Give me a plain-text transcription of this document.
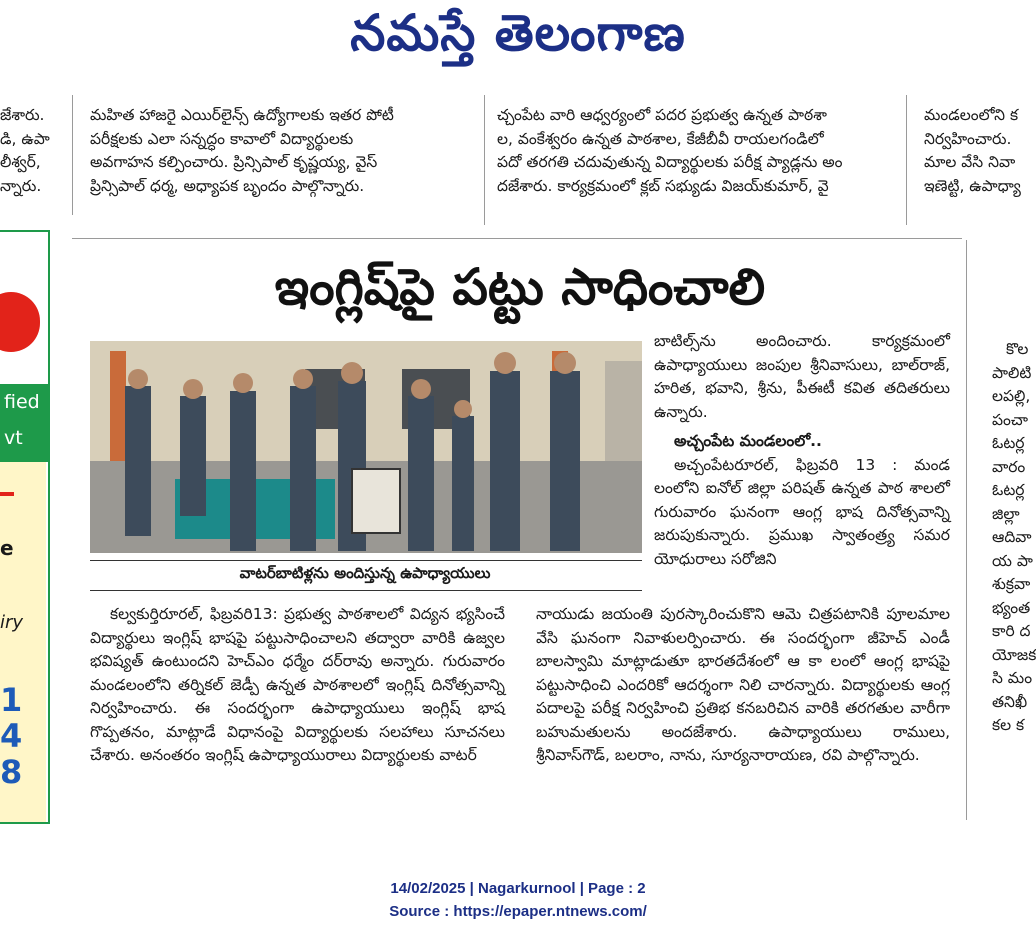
నమస్తే తెలంగాణ
జేశారు.
డి, ఉపా
లీశ్వర్,
న్నారు.

మహిత హాజరై ఎయిర్‌లైన్స్ ఉద్యోగాలకు ఇతర పోటీ

పరీక్షలకు ఎలా సన్నద్ధం కావాలో విద్యార్థులకు

అవగాహన కల్పించారు. ప్రిన్సిపాల్ కృష్ణయ్య, వైస్

ప్రిన్సిపాల్ ధర్మ, అధ్యాపక బృందం పాల్గొన్నారు.

చ్చంపేట వారి ఆధ్వర్యంలో పదర ప్రభుత్వ ఉన్నత పాఠశా

ల, వంకేశ్వరం ఉన్నత పాఠశాల, కేజీబీవీ రాయలగండిలో

పదో తరగతి చదువుతున్న విద్యార్థులకు పరీక్ష ప్యాడ్లను అం

దజేశారు. కార్యక్రమంలో క్లబ్ సభ్యుడు విజయ్‌కుమార్, వై

మండలంలోని క
నిర్వహించారు.
మాల వేసి నివా
ఇణెట్టి, ఉపాధ్యా
fied
vt
e
iry
1
4
8
ఇంగ్లిష్‌పై పట్టు సాధించాలి
వాటర్‌బాటిళ్లను అందిస్తున్న ఉపాధ్యాయులు

బాటిల్స్‌ను అందించారు. కార్యక్రమంలో ఉపాధ్యాయులు జంపుల శ్రీనివాసులు, బాల్‌రాజ్, హరిత, భవాని, శ్రీను, పీఈటీ కవిత తదితరులు ఉన్నారు.

అచ్చంపేట మండలంలో..

అచ్చంపేటరూరల్, ఫిబ్రవరి 13 : మండ లంలోని ఐనోల్ జిల్లా పరిషత్ ఉన్నత పాఠ శాలలో గురువారం ఘనంగా ఆంగ్ల భాష దినోత్సవాన్ని జరుపుకున్నారు. ప్రముఖ స్వాతంత్ర్య సమర యోధురాలు సరోజిని

కల్వకుర్తిరూరల్, ఫిబ్రవరి13: ప్రభుత్వ పాఠశాలలో విద్యన భ్యసించే విద్యార్థులు ఇంగ్లిష్ భాషపై పట్టుసాధించాలని తద్వారా వారికి ఉజ్వల భవిష్యత్ ఉంటుందని హెచ్‌ఎం ధర్మేం దర్‌రావు అన్నారు. గురువారం మండలంలోని తర్నికల్ జెడ్పీ ఉన్నత పాఠశాలలో ఇంగ్లిష్ దినోత్సవాన్ని నిర్వహించారు. ఈ సందర్భంగా ఉపాధ్యాయులు ఇంగ్లిష్ భాష గొప్పతనం, మాట్లాడే విధానంపై విద్యార్థులకు సలహాలు సూచనలు చేశారు. అనంతరం ఇంగ్లిష్ ఉపాధ్యాయురాలు విద్యార్థులకు వాటర్

నాయుడు జయంతి పురస్కారించుకొని ఆమె చిత్రపటానికి పూలమాల వేసి ఘనంగా నివాళులర్పించారు. ఈ సందర్భంగా జీహెచ్ ఎండీ బాలస్వామి మాట్లాడుతూ భారతదేశంలో ఆ కా లంలో ఆంగ్ల భాషపై పట్టుసాధించి ఎందరికో ఆదర్శంగా నిలి చారన్నారు. విద్యార్థులకు ఆంగ్ల పదాలపై పరీక్ష నిర్వహించి ప్రతిభ కనబరిచిన వారికి తరగతుల వారీగా బహుమతులను అందజేశారు. ఉపాధ్యాయులు రాములు, శ్రీనివాస్‌గౌడ్, బలరాం, నాను, సూర్యనారాయణ, రవి పాల్గొన్నారు.

కొల
పాలిటి
లపల్లి,
పంచా
ఓటర్ల
వారం
ఓటర్ల
జిల్లా
ఆదివా
య పా
శుక్రవా
భ్యంత
కారి ద
యోజక
సి మం
తనిఖీ
కల క
14/02/2025 | Nagarkurnool | Page : 2
Source : https://epaper.ntnews.com/
